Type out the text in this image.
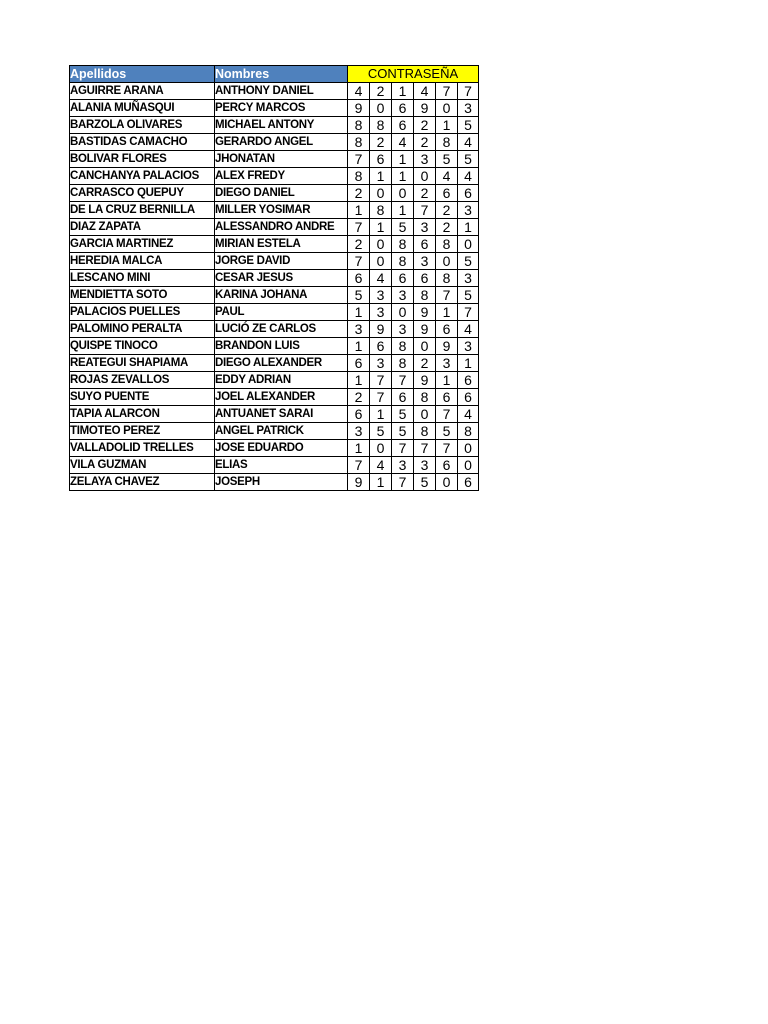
Apellidos	Nombres	CONTRASEÑA					
AGUIRRE ARANA	ANTHONY DANIEL	4	2	1	4	7	7
ALANIA MUÑASQUI	PERCY MARCOS	9	0	6	9	0	3
BARZOLA OLIVARES	MICHAEL ANTONY	8	8	6	2	1	5
BASTIDAS CAMACHO	GERARDO ANGEL	8	2	4	2	8	4
BOLIVAR FLORES	JHONATAN	7	6	1	3	5	5
CANCHANYA PALACIOS	ALEX FREDY	8	1	1	0	4	4
CARRASCO QUEPUY	DIEGO DANIEL	2	0	0	2	6	6
DE LA CRUZ BERNILLA	MILLER YOSIMAR	1	8	1	7	2	3
DIAZ ZAPATA	ALESSANDRO ANDRE	7	1	5	3	2	1
GARCIA MARTINEZ	MIRIAN ESTELA	2	0	8	6	8	0
HEREDIA MALCA	JORGE DAVID	7	0	8	3	0	5
LESCANO MINI	CESAR JESUS	6	4	6	6	8	3
MENDIETTA SOTO	KARINA JOHANA	5	3	3	8	7	5
PALACIOS PUELLES	PAUL	1	3	0	9	1	7
PALOMINO PERALTA	LUCIÓ ZE CARLOS	3	9	3	9	6	4
QUISPE TINOCO	BRANDON LUIS	1	6	8	0	9	3
REATEGUI SHAPIAMA	DIEGO ALEXANDER	6	3	8	2	3	1
ROJAS ZEVALLOS	EDDY ADRIAN	1	7	7	9	1	6
SUYO PUENTE	JOEL ALEXANDER	2	7	6	8	6	6
TAPIA ALARCON	ANTUANET SARAI	6	1	5	0	7	4
TIMOTEO PEREZ	ANGEL PATRICK	3	5	5	8	5	8
VALLADOLID TRELLES	JOSE EDUARDO	1	0	7	7	7	0
VILA GUZMAN	ELIAS	7	4	3	3	6	0
ZELAYA CHAVEZ	JOSEPH	9	1	7	5	0	6
